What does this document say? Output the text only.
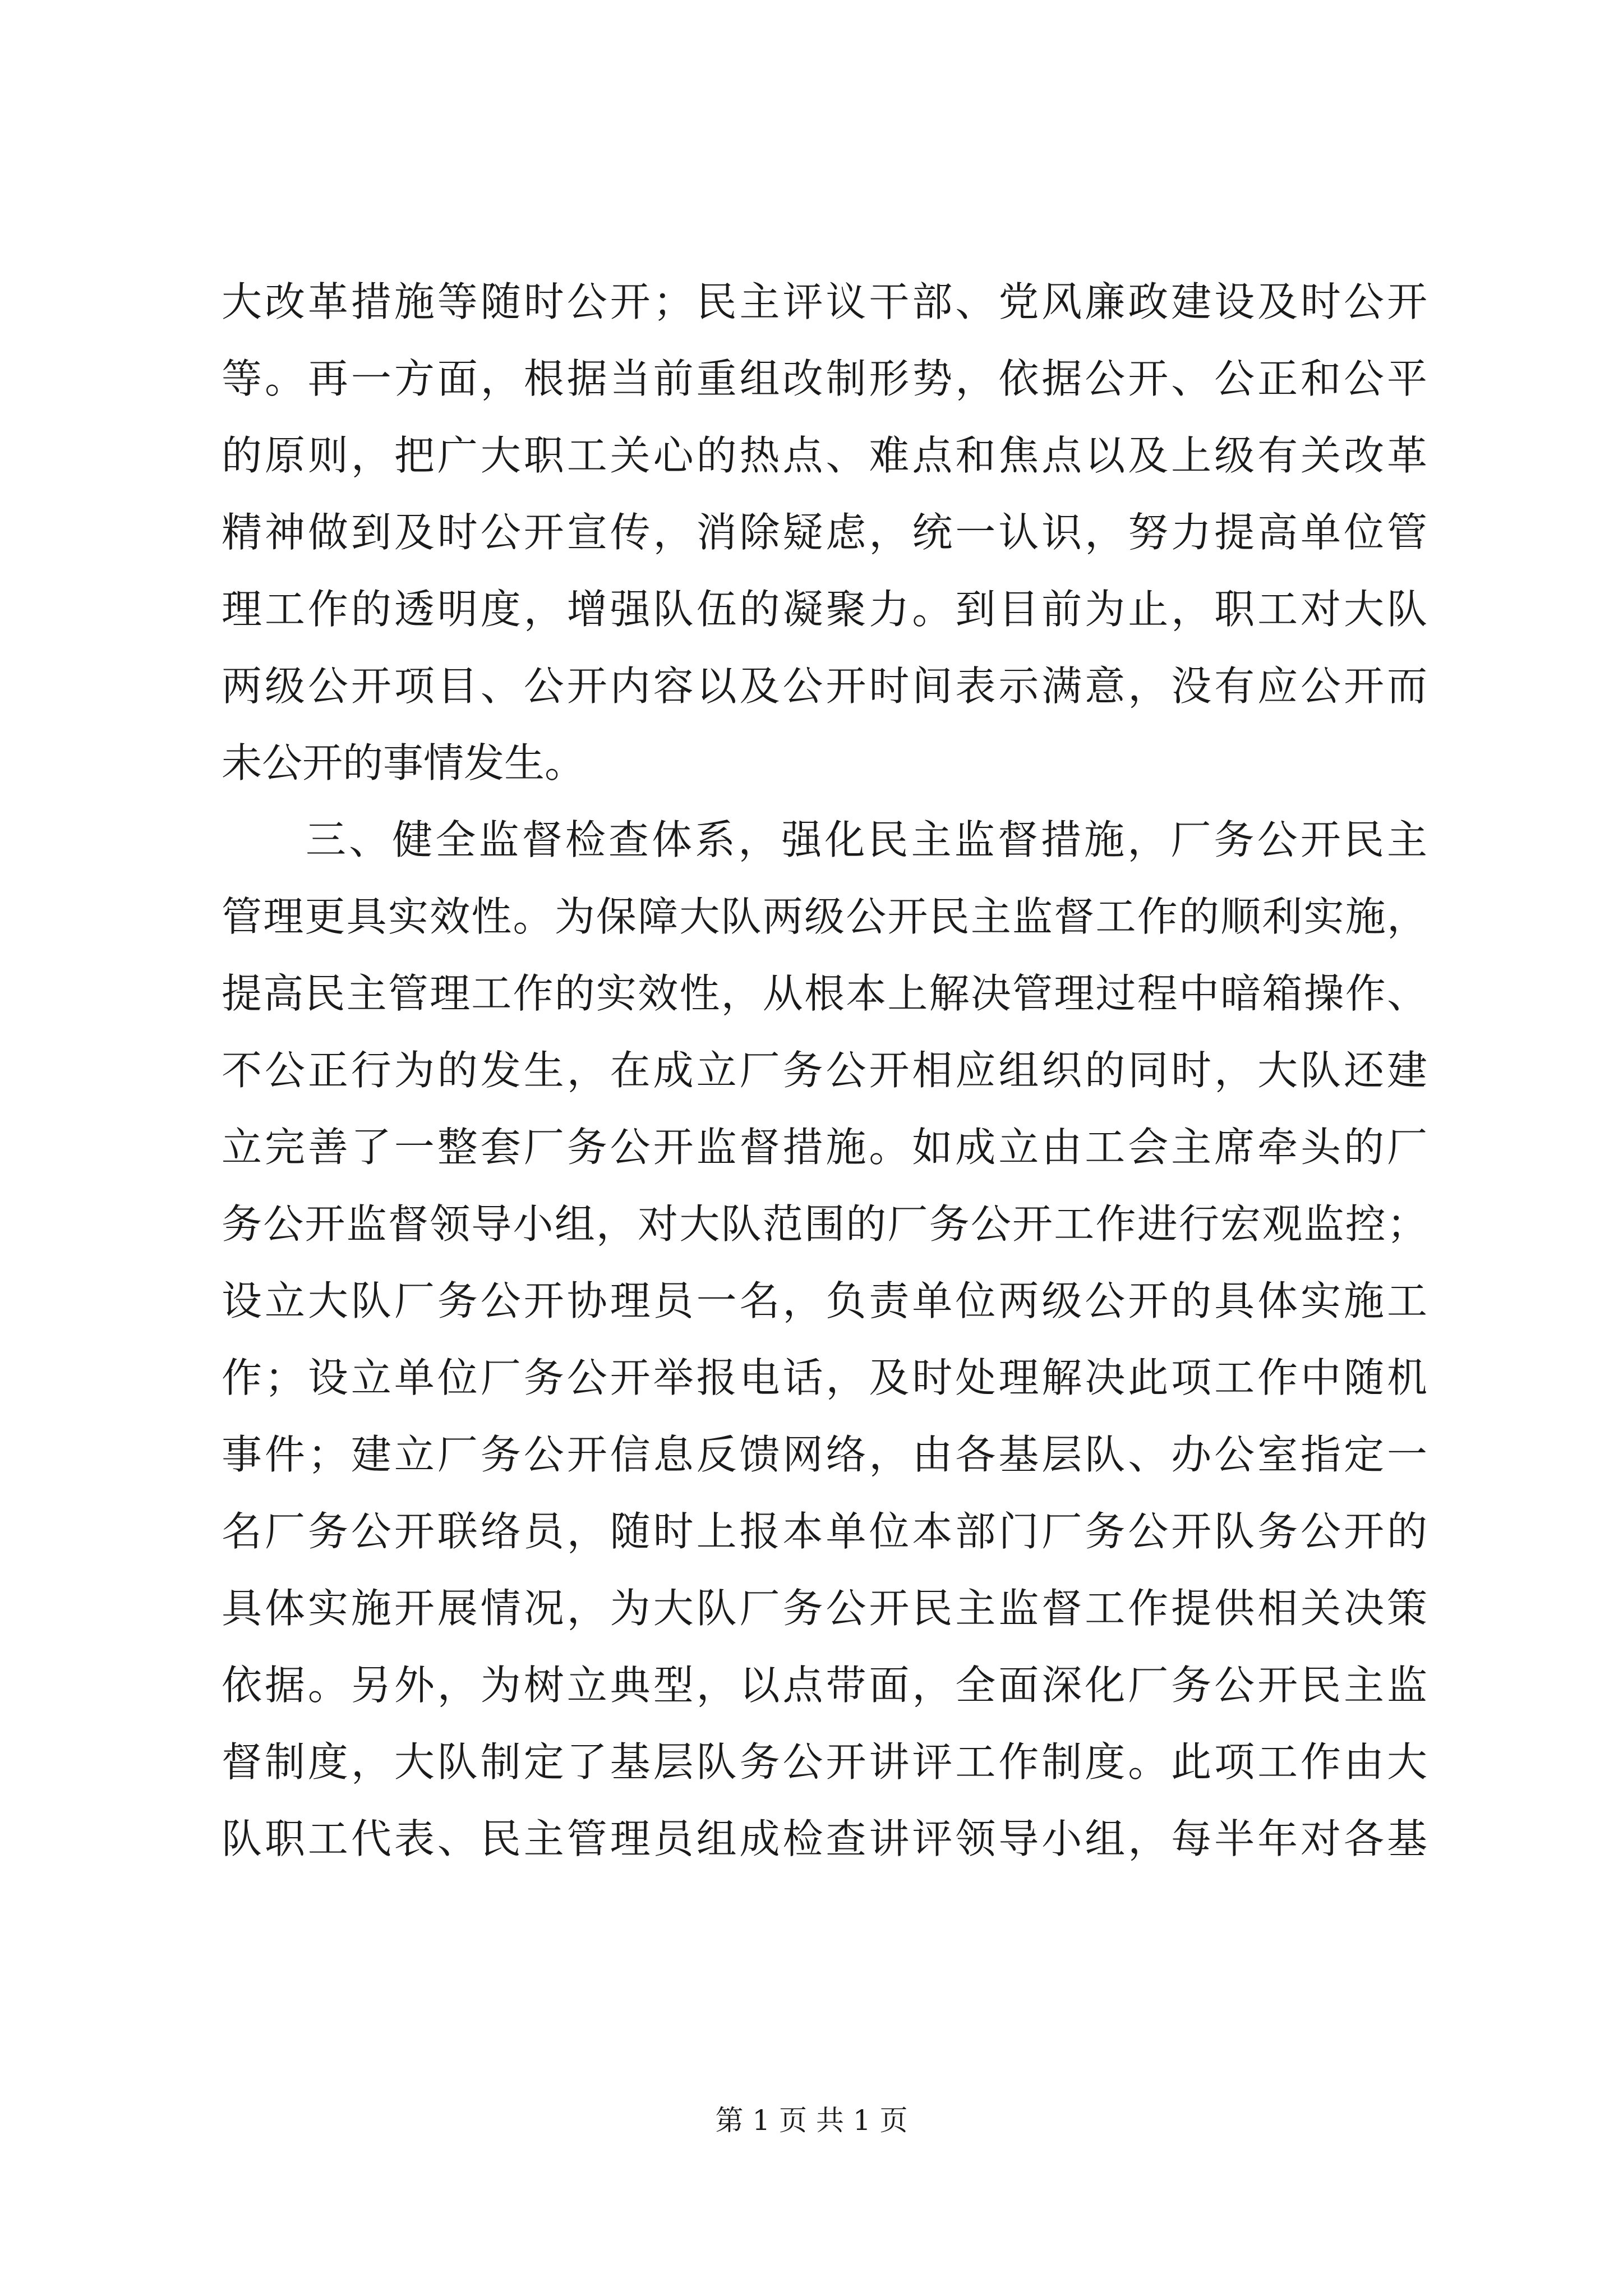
大改革措施等随时公开；民主评议干部、党风廉政建设及时公开
等。再一方面，根据当前重组改制形势，依据公开、公正和公平
的原则，把广大职工关心的热点、难点和焦点以及上级有关改革
精神做到及时公开宣传，消除疑虑，统一认识，努力提高单位管
理工作的透明度，增强队伍的凝聚力。到目前为止，职工对大队
两级公开项目、公开内容以及公开时间表示满意，没有应公开而
未公开的事情发生。
三、健全监督检查体系，强化民主监督措施，厂务公开民主
管理更具实效性。为保障大队两级公开民主监督工作的顺利实施，
提高民主管理工作的实效性，从根本上解决管理过程中暗箱操作、
不公正行为的发生，在成立厂务公开相应组织的同时，大队还建
立完善了一整套厂务公开监督措施。如成立由工会主席牵头的厂
务公开监督领导小组，对大队范围的厂务公开工作进行宏观监控；
设立大队厂务公开协理员一名，负责单位两级公开的具体实施工
作；设立单位厂务公开举报电话，及时处理解决此项工作中随机
事件；建立厂务公开信息反馈网络，由各基层队、办公室指定一
名厂务公开联络员，随时上报本单位本部门厂务公开队务公开的
具体实施开展情况，为大队厂务公开民主监督工作提供相关决策
依据。另外，为树立典型，以点带面，全面深化厂务公开民主监
督制度，大队制定了基层队务公开讲评工作制度。此项工作由大
队职工代表、民主管理员组成检查讲评领导小组，每半年对各基
第 1 页 共 1 页
